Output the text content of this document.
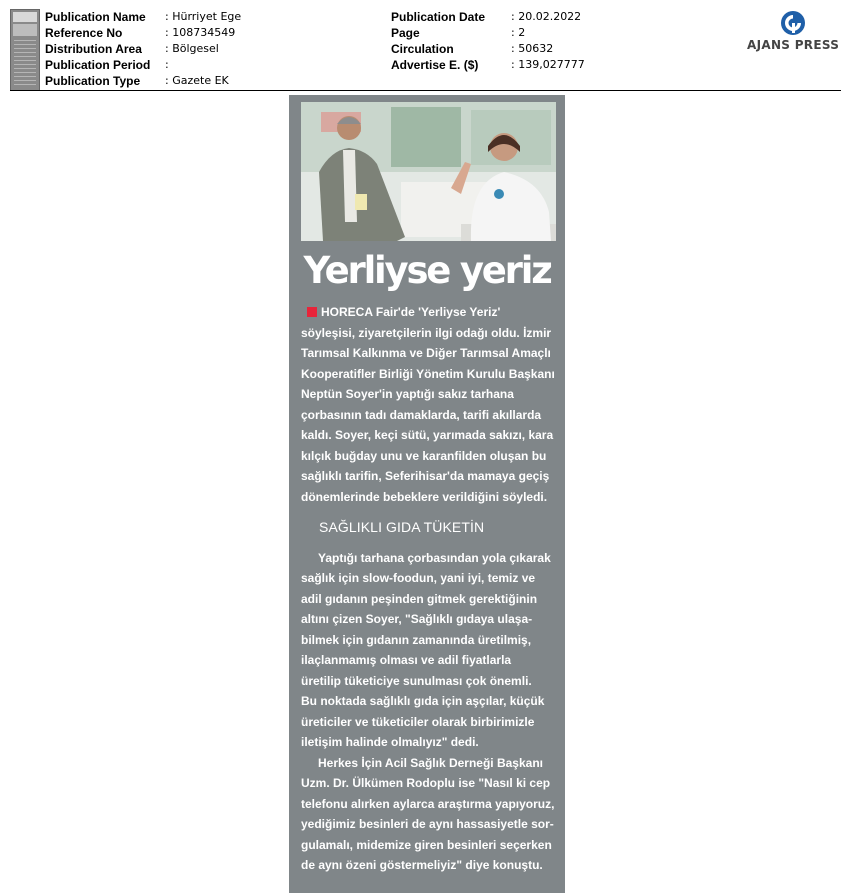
Publication Name	: Hürriyet Ege
Reference No	: 108734549
Distribution Area	: Bölgesel
Publication Period	:
Publication Type	: Gazete EK
Publication Date	: 20.02.2022
Page	: 2
Circulation	: 50632
Advertise E. ($)	: 139,027777
AJANS PRESS
Yerliyse yeriz
HORECA Fair'de 'Yerliyse Yeriz'
söyleşisi, ziyaretçilerin ilgi odağı oldu. İzmir
Tarımsal Kalkınma ve Diğer Tarımsal Amaçlı
Kooperatifler Birliği Yönetim Kurulu Başkanı
Neptün Soyer'in yaptığı sakız tarhana
çorbasının tadı damaklarda, tarifi akıllarda
kaldı. Soyer, keçi sütü, yarımada sakızı, kara
kılçık buğday unu ve karanfilden oluşan bu
sağlıklı tarifin, Seferihisar'da mamaya geçiş
dönemlerinde bebeklere verildiğini söyledi.
SAĞLIKLI GIDA TÜKETİN
Yaptığı tarhana çorbasından yola çıkarak
sağlık için slow-foodun, yani iyi, temiz ve
adil gıdanın peşinden gitmek gerektiğinin
altını çizen Soyer, "Sağlıklı gıdaya ulaşa-
bilmek için gıdanın zamanında üretilmiş,
ilaçlanmamış olması ve adil fiyatlarla
üretilip tüketiciye sunulması çok önemli.
Bu noktada sağlıklı gıda için aşçılar, küçük
üreticiler ve tüketiciler olarak birbirimizle
iletişim halinde olmalıyız" dedi.
Herkes İçin Acil Sağlık Derneği Başkanı
Uzm. Dr. Ülkümen Rodoplu ise "Nasıl ki cep
telefonu alırken aylarca araştırma yapıyoruz,
yediğimiz besinleri de aynı hassasiyetle sor-
gulamalı, midemize giren besinleri seçerken
de aynı özeni göstermeliyiz" diye konuştu.
